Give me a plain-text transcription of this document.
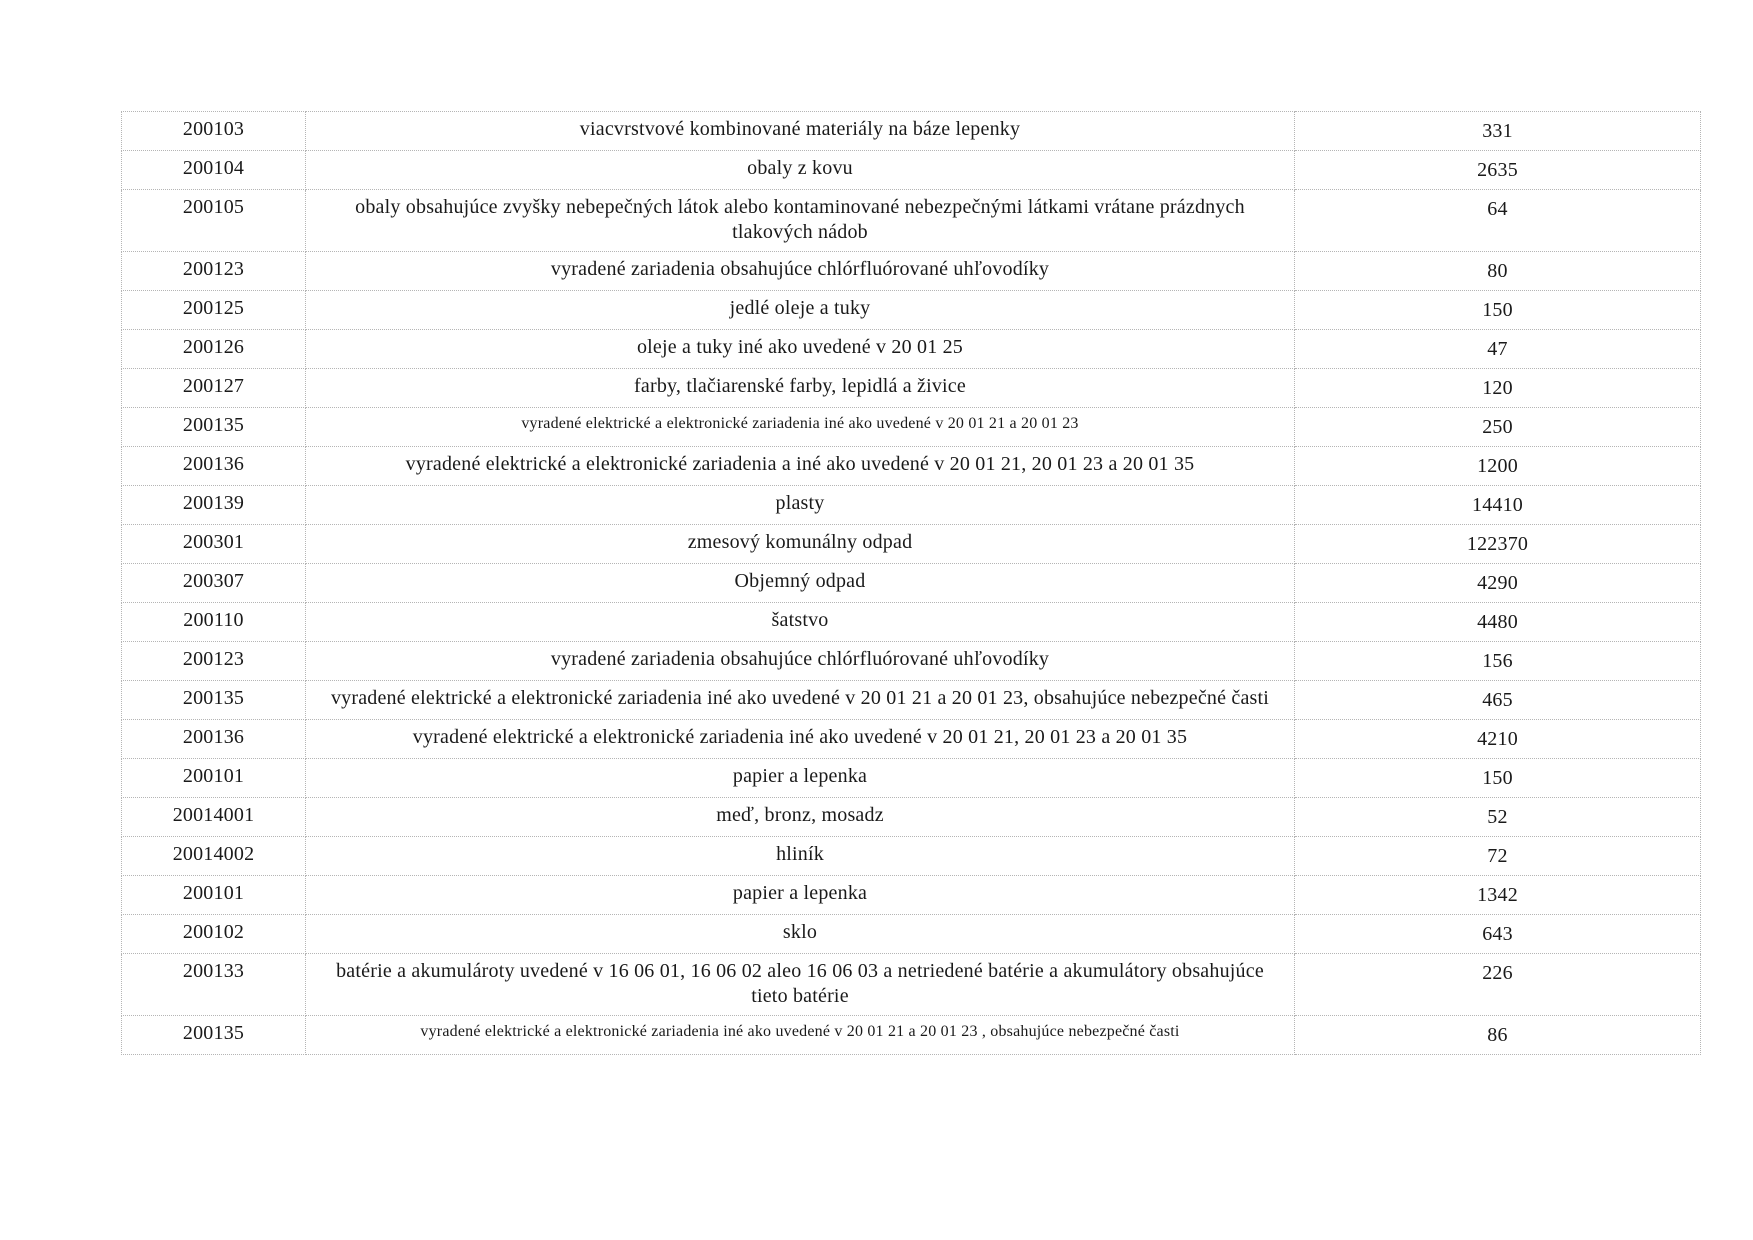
200103	viacvrstvové kombinované materiály na báze lepenky	331
200104	obaly z kovu	2635
200105	obaly obsahujúce zvyšky nebepečných látok alebo kontaminované nebezpečnými látkami vrátane prázdnych tlakových nádob	64
200123	vyradené zariadenia obsahujúce chlórfluórované uhľovodíky	80
200125	jedlé oleje a tuky	150
200126	oleje a tuky iné ako uvedené v 20 01 25	47
200127	farby, tlačiarenské farby, lepidlá a živice	120
200135	vyradené elektrické a elektronické zariadenia iné ako uvedené v 20 01 21 a 20 01 23	250
200136	vyradené elektrické a elektronické zariadenia a iné ako uvedené v 20 01 21, 20 01 23 a 20 01 35	1200
200139	plasty	14410
200301	zmesový komunálny odpad	122370
200307	Objemný odpad	4290
200110	šatstvo	4480
200123	vyradené zariadenia obsahujúce chlórfluórované uhľovodíky	156
200135	vyradené elektrické a elektronické zariadenia iné ako uvedené v 20 01 21 a 20 01 23, obsahujúce nebezpečné časti	465
200136	vyradené elektrické a elektronické zariadenia iné ako uvedené v 20 01 21, 20 01 23 a 20 01 35	4210
200101	papier a lepenka	150
20014001	meď, bronz, mosadz	52
20014002	hliník	72
200101	papier a lepenka	1342
200102	sklo	643
200133	batérie a akumulároty uvedené v 16 06 01, 16 06 02 aleo 16 06 03 a netriedené batérie a akumulátory obsahujúce tieto batérie	226
200135	vyradené elektrické a elektronické zariadenia iné ako uvedené v 20 01 21 a 20 01 23 , obsahujúce nebezpečné časti	86
